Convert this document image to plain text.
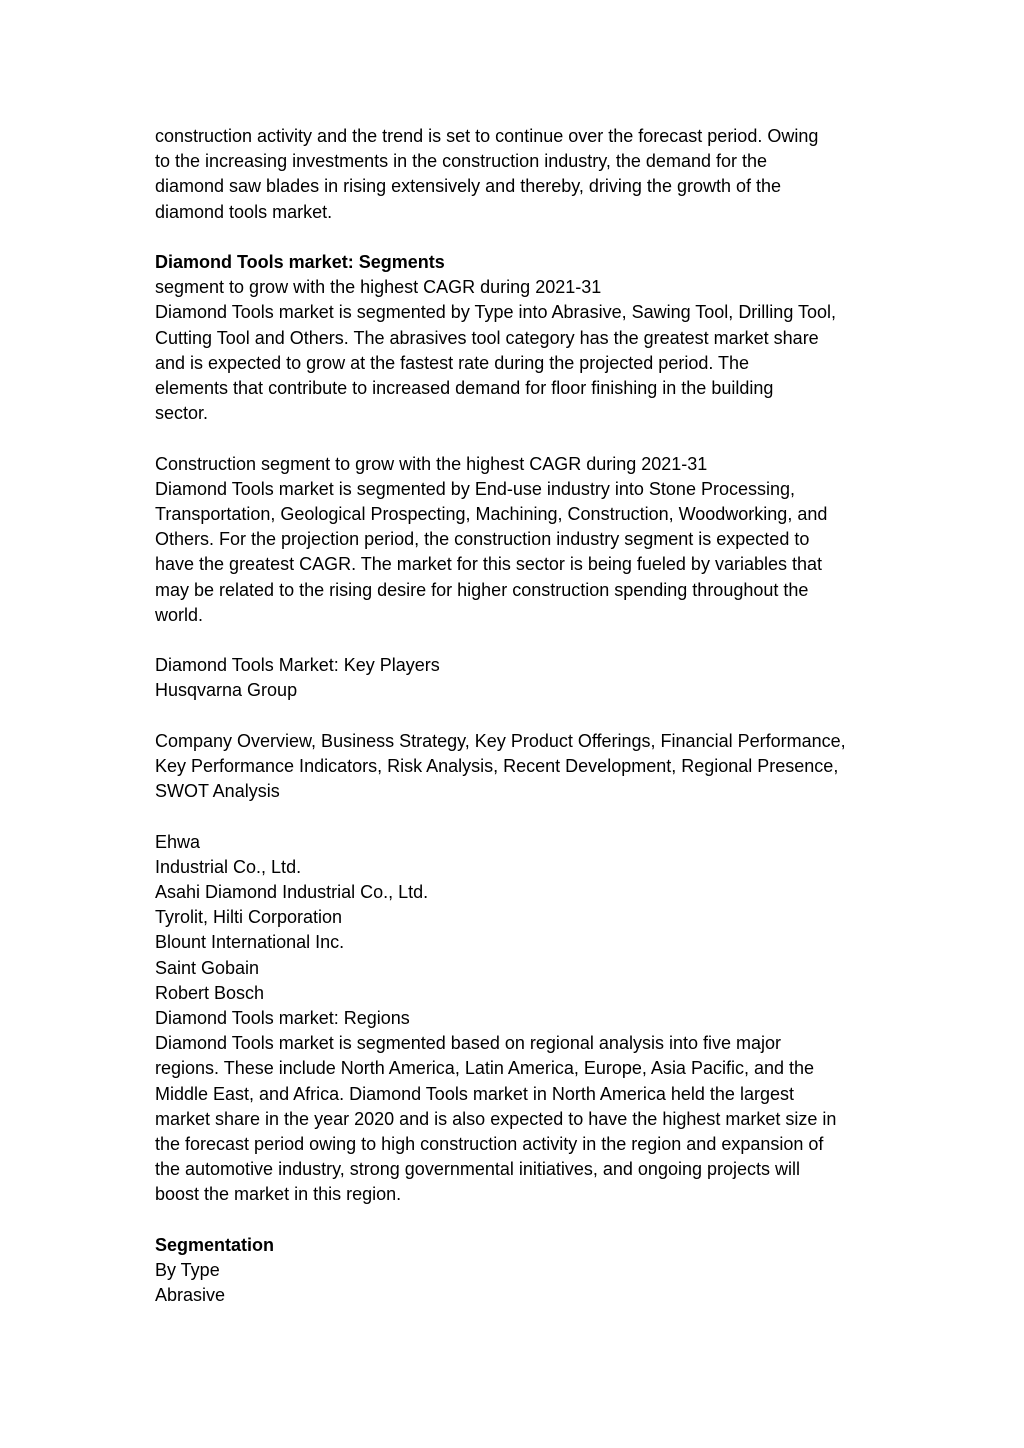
construction activity and the trend is set to continue over the forecast period. Owing
to the increasing investments in the construction industry, the demand for the
diamond saw blades in rising extensively and thereby, driving the growth of the
diamond tools market.
Diamond Tools market: Segments
segment to grow with the highest CAGR during 2021-31
Diamond Tools market is segmented by Type into Abrasive, Sawing Tool, Drilling Tool,
Cutting Tool and Others. The abrasives tool category has the greatest market share
and is expected to grow at the fastest rate during the projected period. The
elements that contribute to increased demand for floor finishing in the building
sector.
Construction segment to grow with the highest CAGR during 2021-31
Diamond Tools market is segmented by End-use industry into Stone Processing,
Transportation, Geological Prospecting, Machining, Construction, Woodworking, and
Others. For the projection period, the construction industry segment is expected to
have the greatest CAGR. The market for this sector is being fueled by variables that
may be related to the rising desire for higher construction spending throughout the
world.
Diamond Tools Market: Key Players
Husqvarna Group
Company Overview, Business Strategy, Key Product Offerings, Financial Performance,
Key Performance Indicators, Risk Analysis, Recent Development, Regional Presence,
SWOT Analysis
Ehwa
Industrial Co., Ltd.
Asahi Diamond Industrial Co., Ltd.
Tyrolit, Hilti Corporation
Blount International Inc.
Saint Gobain
Robert Bosch
Diamond Tools market: Regions
Diamond Tools market is segmented based on regional analysis into five major
regions. These include North America, Latin America, Europe, Asia Pacific, and the
Middle East, and Africa. Diamond Tools market in North America held the largest
market share in the year 2020 and is also expected to have the highest market size in
the forecast period owing to high construction activity in the region and expansion of
the automotive industry, strong governmental initiatives, and ongoing projects will
boost the market in this region.
Segmentation
By Type
Abrasive
